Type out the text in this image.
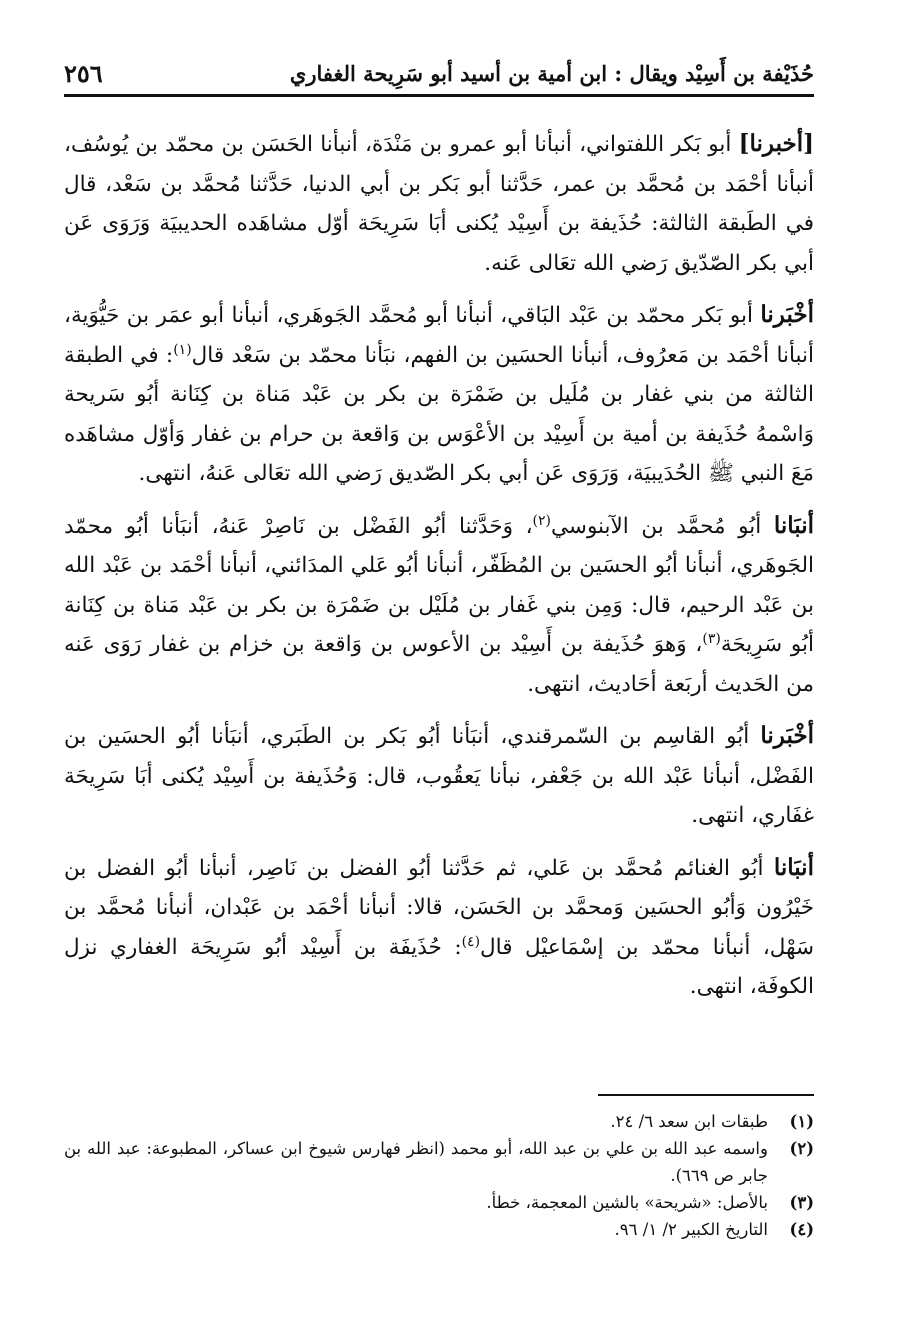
حُذَيْفة بن أَسِيْد ويقال : ابن أمية بن أسيد أبو سَرِيحة الغفاري
٢٥٦

[أخبرنا] أبو بَكر اللفتواني، أنبأنا أبو عمرو بن مَنْدَة، أنبأنا الحَسَن بن محمّد بن يُوسُف، أنبأنا أحْمَد بن مُحمَّد بن عمر، حَدَّثنا أبو بَكر بن أبي الدنيا، حَدَّثنا مُحمَّد بن سَعْد، قال في الطَبقة الثالثة: حُذَيفة بن أَسِيْد يُكنى أبَا سَرِيحَة أوّل مشاهَده الحديبيَة وَرَوَى عَن أبي بكر الصّدّيق رَضي الله تعَالى عَنه.

أخْبَرنا أبو بَكر محمّد بن عَبْد البَاقي، أنبأنا أبو مُحمَّد الجَوهَري، أنبأنا أبو عمَر بن حَيُّوَية، أنبأنا أحْمَد بن مَعرُوف، أنبأنا الحسَين بن الفهم، نبَأنا محمّد بن سَعْد قال$^{(١)}$: في الطبقة الثالثة من بني غفار بن مُلَيل بن ضَمْرَة بن بكر بن عَبْد مَناة بن كِنَانة أبُو سَريحة وَاسْمهُ حُذَيفة بن أمية بن أَسِيْد بن الأعْوَس بن وَاقعة بن حرام بن غفار وَأوّل مشاهَده مَعَ النبي ﷺ الحُدَيبيَة، وَرَوَى عَن أبي بكر الصّديق رَضي الله تعَالى عَنهُ، انتهى.

أنبَانا أبُو مُحمَّد بن الآبنوسي$^{(٢)}$، وَحَدَّثنا أبُو الفَضْل بن نَاصِرْ عَنهُ، أنبَأنا أبُو محمّد الجَوهَري، أنبأنا أبُو الحسَين بن المُظَفّر، أنبأنا أبُو عَلي المدَائني، أنبأنا أحْمَد بن عَبْد الله بن عَبْد الرحيم، قال: وَمِن بني غَفار بن مُلَيْل بن ضَمْرَة بن بكر بن عَبْد مَناة بن كِنَانة أبُو سَرِيحَة$^{(٣)}$، وَهوَ حُذَيفة بن أَسِيْد بن الأعوس بن وَاقعة بن خزام بن غفار رَوَى عَنه من الحَديث أربَعة أحَاديث، انتهى.

أخْبَرنا أبُو القاسِم بن السّمرقندي، أنبَأنا أبُو بَكر بن الطَبَري، أنبَأنا أبُو الحسَين بن الفَضْل، أنبأنا عَبْد الله بن جَعْفر، نبأنا يَعقُوب، قال: وَحُذَيفة بن أَسِيْد يُكنى أبَا سَرِيحَة غفَاري، انتهى.

أنبَانا أبُو الغنائم مُحمَّد بن عَلي، ثم حَدَّثنا أبُو الفضل بن نَاصِر، أنبأنا أبُو الفضل بن خَيْرُون وَأبُو الحسَين وَمحمَّد بن الحَسَن، قالا: أنبأنا أحْمَد بن عَبْدان، أنبأنا مُحمَّد بن سَهْل، أنبأنا محمّد بن إسْمَاعيْل قال$^{(٤)}$: حُذَيفَة بن أَسِيْد أبُو سَرِيحَة الغفاري نزل الكوفَة، انتهى.

(١)
طبقات ابن سعد ٦/ ٢٤.
(٢)
واسمه عبد الله بن علي بن عبد الله، أبو محمد (انظر فهارس شيوخ ابن عساكر، المطبوعة: عبد الله بن جابر ص ٦٦٩).
(٣)
بالأصل: «شريحة» بالشين المعجمة، خطأ.
(٤)
التاريخ الكبير ٢/ ١/ ٩٦.
